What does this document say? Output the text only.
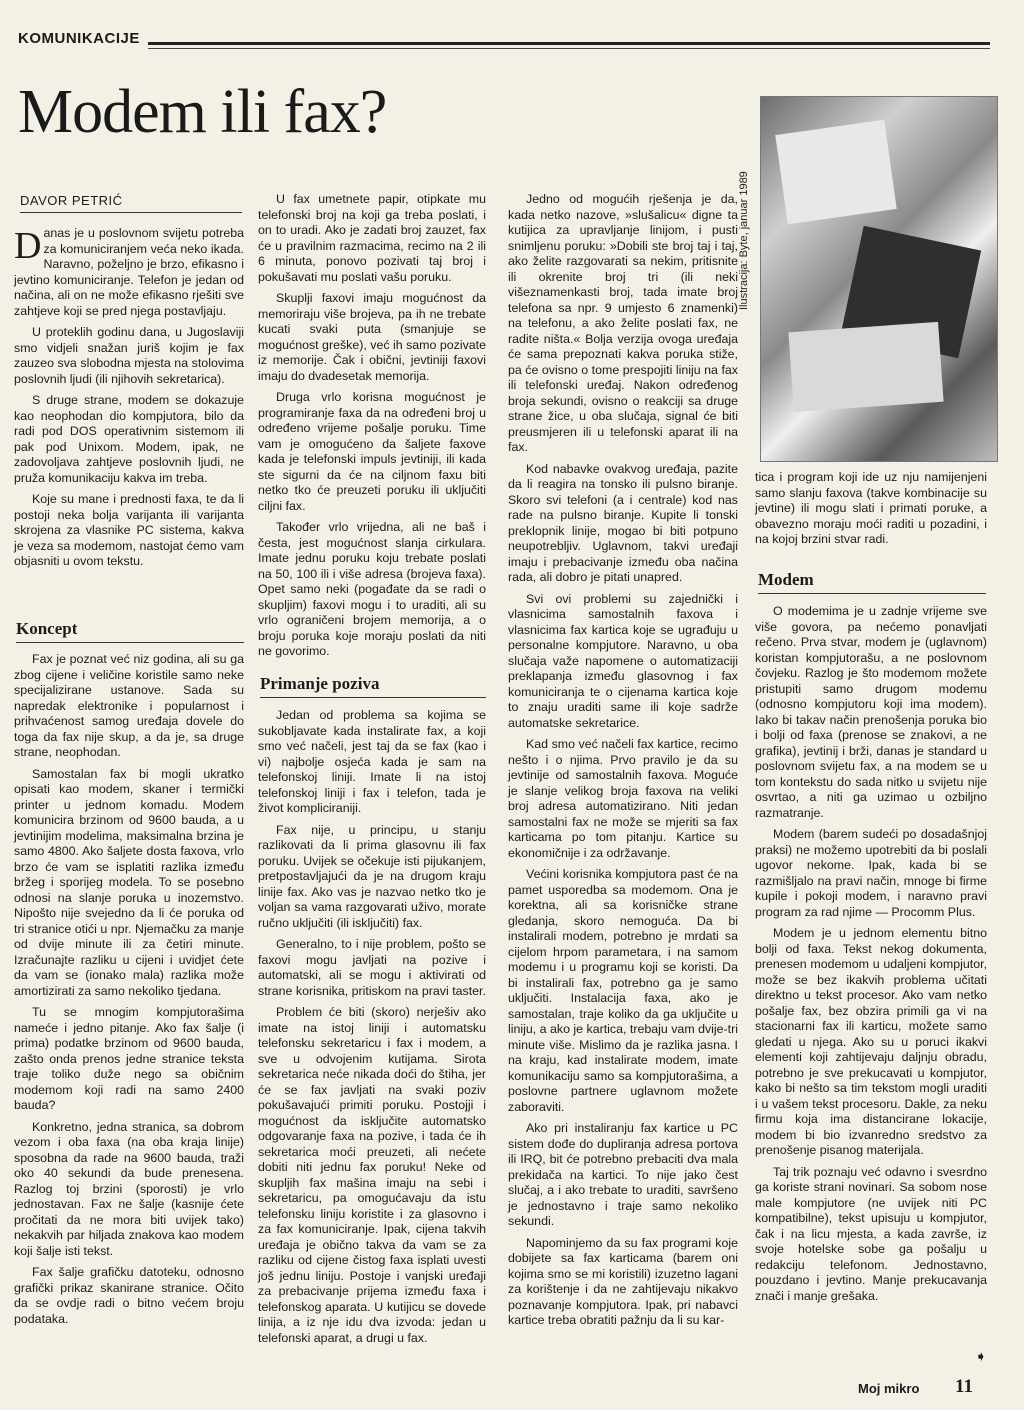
KOMUNIKACIJE
Modem ili fax?
DAVOR PETRIĆ	Ilustracija: Byte, januar 1989

Danas je u poslovnom svijetu potreba za komuniciranjem veća neko ikada. Naravno, poželjno je brzo, efikasno i jevtino komuniciranje. Telefon je jedan od načina, ali on ne može efikasno rješiti sve zahtjeve koji se pred njega postavljaju.

U proteklih godinu dana, u Jugoslaviji smo vidjeli snažan juriš kojim je fax zauzeo sva slobodna mjesta na stolovima poslovnih ljudi (ili njihovih sekretarica).

S druge strane, modem se dokazuje kao neophodan dio kompjutora, bilo da radi pod DOS operativnim sistemom ili pak pod Unixom. Modem, ipak, ne zadovoljava zahtjeve poslovnih ljudi, ne pruža komunikaciju kakva im treba.

Koje su mane i prednosti faxa, te da li postoji neka bolja varijanta ili varijanta skrojena za vlasnike PC sistema, kakva je veza sa modemom, nastojat ćemo vam objasniti u ovom tekstu.

Koncept

Fax je poznat već niz godina, ali su ga zbog cijene i veličine koristile samo neke specijalizirane ustanove. Sada su napredak elektronike i popularnost i prihvaćenost samog uređaja dovele do toga da fax nije skup, a da je, sa druge strane, neophodan.

Samostalan fax bi mogli ukratko opisati kao modem, skaner i termički printer u jednom komadu. Modem komunicira brzinom od 9600 bauda, a u jevtinijim modelima, maksimalna brzina je samo 4800. Ako šaljete dosta faxova, vrlo brzo će vam se isplatiti razlika između bržeg i sporijeg modela. To se posebno odnosi na slanje poruka u inozemstvo. Nipošto nije svejedno da li će poruka od tri stranice otići u npr. Njemačku za manje od dvije minute ili za četiri minute. Izračunajte razliku u cijeni i uvidjet ćete da vam se (ionako mala) razlika može amortizirati za samo nekoliko tjedana.

Tu se mnogim kompjutorašima nameće i jedno pitanje. Ako fax šalje (i prima) podatke brzinom od 9600 bauda, zašto onda prenos jedne stranice teksta traje toliko duže nego sa običnim modemom koji radi na samo 2400 bauda?

Konkretno, jedna stranica, sa dobrom vezom i oba faxa (na oba kraja linije) sposobna da rade na 9600 bauda, traži oko 40 sekundi da bude prenesena. Razlog toj brzini (sporosti) je vrlo jednostavan. Fax ne šalje (kasnije ćete pročitati da ne mora biti uvijek tako) nekakvih par hiljada znakova kao modem koji šalje isti tekst.

Fax šalje grafičku datoteku, odnosno grafički prikaz skanirane stranice. Očito da se ovdje radi o bitno većem broju podataka.

U fax umetnete papir, otipkate mu telefonski broj na koji ga treba poslati, i on to uradi. Ako je zadati broj zauzet, fax će u pravilnim razmacima, recimo na 2 ili 6 minuta, ponovo pozivati taj broj i pokušavati mu poslati vašu poruku.

Skuplji faxovi imaju mogućnost da memoriraju više brojeva, pa ih ne trebate kucati svaki puta (smanjuje se mogućnost greške), već ih samo pozivate iz memorije. Čak i obični, jevtiniji faxovi imaju do dvadesetak memorija.

Druga vrlo korisna mogućnost je programiranje faxa da na određeni broj u određeno vrijeme pošalje poruku. Time vam je omogućeno da šaljete faxove kada je telefonski impuls jevtiniji, ili kada ste sigurni da će na ciljnom faxu biti netko tko će preuzeti poruku ili uključiti ciljni fax.

Također vrlo vrijedna, ali ne baš i česta, jest mogućnost slanja cirkulara. Imate jednu poruku koju trebate poslati na 50, 100 ili i više adresa (brojeva faxa). Opet samo neki (pogađate da se radi o skupljim) faxovi mogu i to uraditi, ali su vrlo ograničeni brojem memorija, a o broju poruka koje moraju poslati da niti ne govorimo.

Primanje poziva

Jedan od problema sa kojima se sukobljavate kada instalirate fax, a koji smo već načeli, jest taj da se fax (kao i vi) najbolje osjeća kada je sam na telefonskoj liniji. Imate li na istoj telefonskoj liniji i fax i telefon, tada je život kompliciraniji.

Fax nije, u principu, u stanju razlikovati da li prima glasovnu ili fax poruku. Uvijek se očekuje isti pijukanjem, pretpostavljajući da je na drugom kraju linije fax. Ako vas je nazvao netko tko je voljan sa vama razgovarati uživo, morate ručno uključiti (ili isključiti) fax.

Generalno, to i nije problem, pošto se faxovi mogu javljati na pozive i automatski, ali se mogu i aktivirati od strane korisnika, pritiskom na pravi taster.

Problem će biti (skoro) nerješiv ako imate na istoj liniji i automatsku telefonsku sekretaricu i fax i modem, a sve u odvojenim kutijama. Sirota sekretarica neće nikada doći do štiha, jer će se fax javljati na svaki poziv pokušavajući primiti poruku. Postojji i mogućnost da isključite automatsko odgovaranje faxa na pozive, i tada će ih sekretarica moći preuzeti, ali nećete dobiti niti jednu fax poruku! Neke od skupljih fax mašina imaju na sebi i sekretaricu, pa omogućavaju da istu telefonsku liniju koristite i za glasovno i za fax komuniciranje. Ipak, cijena takvih uređaja je obično takva da vam se za razliku od cijene čistog faxa isplati uvesti još jednu liniju. Postoje i vanjski uređaji za prebacivanje prijema između faxa i telefonskog aparata. U kutijicu se dovede linija, a iz nje idu dva izvoda: jedan u telefonski aparat, a drugi u fax.

Jedno od mogućih rješenja je da, kada netko nazove, »slušalicu« digne ta kutijica za upravljanje linijom, i pusti snimljenu poruku: »Dobili ste broj taj i taj, ako želite razgovarati sa nekim, pritisnite ili okrenite broj tri (ili neki višeznamenkasti broj, tada imate broj telefona sa npr. 9 umjesto 6 znamenki) na telefonu, a ako želite poslati fax, ne radite ništa.« Bolja verzija ovoga uređaja će sama prepoznati kakva poruka stiže, pa će ovisno o tome prespojiti liniju na fax ili telefonski uređaj. Nakon određenog broja sekundi, ovisno o reakciji sa druge strane žice, u oba slučaja, signal će biti preusmjeren ili u telefonski aparat ili na fax.

Kod nabavke ovakvog uređaja, pazite da li reagira na tonsko ili pulsno biranje. Skoro svi telefoni (a i centrale) kod nas rade na pulsno biranje. Kupite li tonski preklopnik linije, mogao bi biti potpuno neupotrebljiv. Uglavnom, takvi uređaji imaju i prebacivanje između oba načina rada, ali dobro je pitati unapred.

Svi ovi problemi su zajednički i vlasnicima samostalnih faxova i vlasnicima fax kartica koje se ugrađuju u personalne kompjutore. Naravno, u oba slučaja važe napomene o automatizaciji preklapanja između glasovnog i fax komuniciranja te o cijenama kartica koje to znaju uraditi same ili koje sadrže automatske sekretarice.

Kad smo već načeli fax kartice, recimo nešto i o njima. Prvo pravilo je da su jevtinije od samostalnih faxova. Moguće je slanje velikog broja faxova na veliki broj adresa automatizirano. Niti jedan samostalni fax ne može se mjeriti sa fax karticama po tom pitanju. Kartice su ekonomičnije i za održavanje.

Većini korisnika kompjutora past će na pamet usporedba sa modemom. Ona je korektna, ali sa korisničke strane gledanja, skoro nemoguća. Da bi instalirali modem, potrebno je mrdati sa cijelom hrpom parametara, i na samom modemu i u programu koji se koristi. Da bi instalirali fax, potrebno ga je samo uključiti. Instalacija faxa, ako je samostalan, traje koliko da ga uključite u liniju, a ako je kartica, trebaju vam dvije-tri minute više. Mislimo da je razlika jasna. I na kraju, kad instalirate modem, imate komunikaciju samo sa kompjutorašima, a poslovne partnere uglavnom možete zaboraviti.

Ako pri instaliranju fax kartice u PC sistem dođe do dupliranja adresa portova ili IRQ, bit će potrebno prebaciti dva mala prekidača na kartici. To nije jako čest slučaj, a i ako trebate to uraditi, savršeno je jednostavno i traje samo nekoliko sekundi.

Napominjemo da su fax programi koje dobijete sa fax karticama (barem oni kojima smo se mi koristili) izuzetno lagani za korištenje i da ne zahtijevaju nikakvo poznavanje kompjutora. Ipak, pri nabavci kartice treba obratiti pažnju da li su kar-

tica i program koji ide uz nju namijenjeni samo slanju faxova (takve kombinacije su jevtine) ili mogu slati i primati poruke, a obavezno moraju moći raditi u pozadini, i na kojoj brzini stvar radi.

Modem

O modemima je u zadnje vrijeme sve više govora, pa nećemo ponavljati rečeno. Prva stvar, modem je (uglavnom) koristan kompjutorašu, a ne poslovnom čovjeku. Razlog je što modemom možete pristupiti samo drugom modemu (odnosno kompjutoru koji ima modem). Iako bi takav način prenošenja poruka bio i bolji od faxa (prenose se znakovi, a ne grafika), jevtinij i brži, danas je standard u poslovnom svijetu fax, a na modem se u tom kontekstu do sada nitko u svijetu nije osvrtao, a niti ga uzimao u ozbiljno razmatranje.

Modem (barem sudeći po dosadašnjoj praksi) ne možemo upotrebiti da bi poslali ugovor nekome. Ipak, kada bi se razmišljalo na pravi način, mnoge bi firme kupile i pokoji modem, i naravno pravi program za rad njime — Procomm Plus.

Modem je u jednom elementu bitno bolji od faxa. Tekst nekog dokumenta, prenesen modemom u udaljeni kompjutor, može se bez ikakvih problema učitati direktno u tekst procesor. Ako vam netko pošalje fax, bez obzira primili ga vi na stacionarni fax ili karticu, možete samo gledati u njega. Ako su u poruci ikakvi elementi koji zahtijevaju daljnju obradu, potrebno je sve prekucavati u kompjutor, kako bi nešto sa tim tekstom mogli uraditi i u vašem tekst procesoru. Dakle, za neku firmu koja ima distancirane lokacije, modem bi bio izvanredno sredstvo za prenošenje pisanog materijala.

Taj trik poznaju već odavno i svesrdno ga koriste strani novinari. Sa sobom nose male kompjutore (ne uvijek niti PC kompatibilne), tekst upisuju u kompjutor, čak i na licu mjesta, a kada završe, iz svoje hotelske sobe ga pošalju u redakciju telefonom. Jednostavno, pouzdano i jevtino. Manje prekucavanja znači i manje grešaka.

➧
Moj mikro 11
